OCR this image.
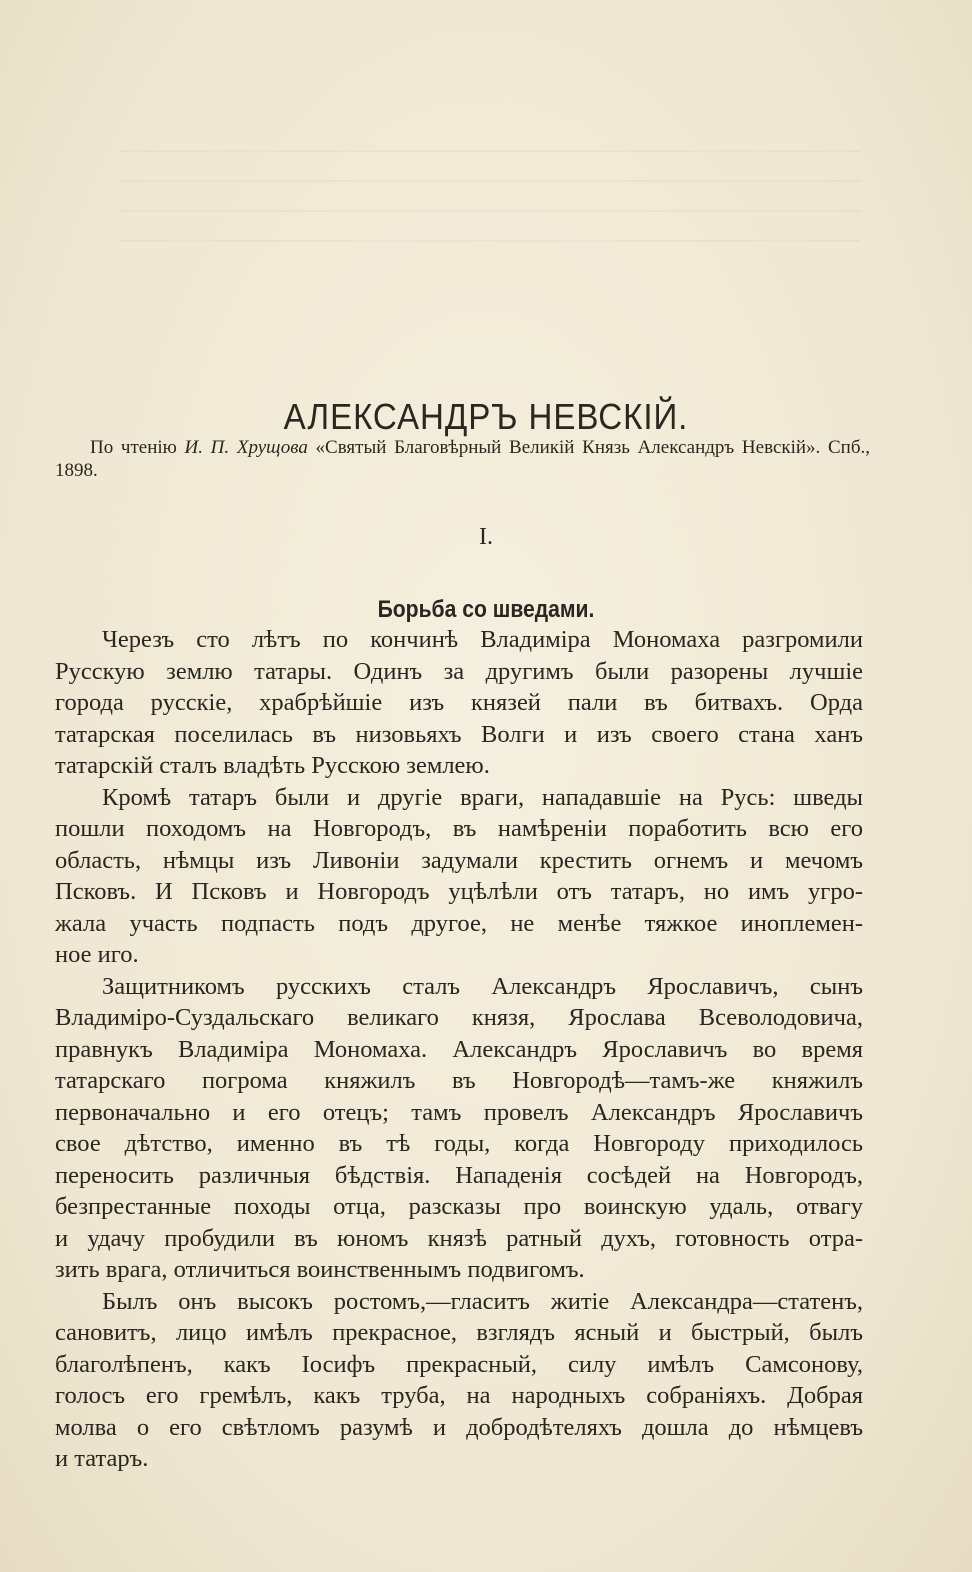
АЛЕКСАНДРЪ НЕВСКIЙ.
По чтенiю И. П. Хрущова «Святый Благовѣрный Великiй Князь Александръ Невскiй». Спб., 1898.
I.
Борьба со шведами.
Черезъ сто лѣтъ по кончинѣ Владимiра Мономаха разгромили
Русскую землю татары. Одинъ за другимъ были разорены лучшiе
города русскiе, храбрѣйшiе изъ князей пали въ битвахъ. Орда
татарская поселилась въ низовьяхъ Волги и изъ своего стана ханъ
татарскiй сталъ владѣть Русскою землею.
Кромѣ татаръ были и другiе враги, нападавшiе на Русь: шведы
пошли походомъ на Новгородъ, въ намѣренiи поработить всю его
область, нѣмцы изъ Ливонiи задумали крестить огнемъ и мечомъ
Псковъ. И Псковъ и Новгородъ уцѣлѣли отъ татаръ, но имъ угро-
жала участь подпасть подъ другое, не менѣе тяжкое иноплемен-
ное иго.
Защитникомъ русскихъ сталъ Александръ Ярославичъ, сынъ
Владимiро-Суздальскаго великаго князя, Ярослава Всеволодовича,
правнукъ Владимiра Мономаха. Александръ Ярославичъ во время
татарскаго погрома княжилъ въ Новгородѣ—тамъ-же княжилъ
первоначально и его отецъ; тамъ провелъ Александръ Ярославичъ
свое дѣтство, именно въ тѣ годы, когда Новгороду приходилось
переносить различныя бѣдствiя. Нападенiя сосѣдей на Новгородъ,
безпрестанные походы отца, разсказы про воинскую удаль, отвагу
и удачу пробудили въ юномъ князѣ ратный духъ, готовность отра-
зить врага, отличиться воинственнымъ подвигомъ.
Былъ онъ высокъ ростомъ,—гласитъ житiе Александра—статенъ,
сановитъ, лицо имѣлъ прекрасное, взглядъ ясный и быстрый, былъ
благолѣпенъ, какъ Iосифъ прекрасный, силу имѣлъ Самсонову,
голосъ его гремѣлъ, какъ труба, на народныхъ собранiяхъ. Добрая
молва о его свѣтломъ разумѣ и добродѣтеляхъ дошла до нѣмцевъ
и татаръ.
